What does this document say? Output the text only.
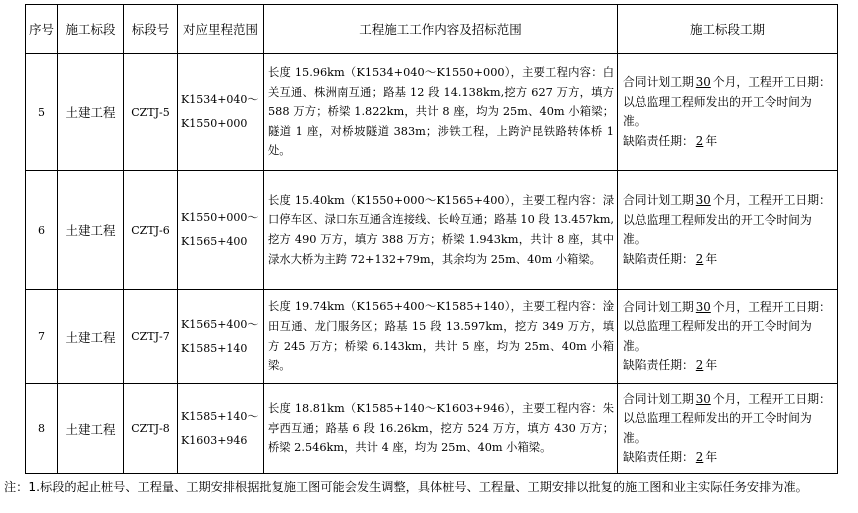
序号	施工标段	标段号	对应里程范围	工程施工工作内容及招标范围	施工标段工期
5	土建工程	CZTJ-5	K1534+040～
K1550+000	长度 15.96km（K1534+040～K1550+000），主要工程内容：白关互通、株洲南互通；路基 12 段 14.138km,挖方 627 万方，填方 588 万方；桥梁 1.822km，共计 8 座，均为 25m、40m 小箱梁；隧道 1 座，对桥坡隧道 383m；涉铁工程，上跨沪昆铁路转体桥 1 处。	合同计划工期 30 个月，工程开工日期：以总监理工程师发出的开工令时间为准。
缺陷责任期： 2 年
6	土建工程	CZTJ-6	K1550+000～
K1565+400	长度 15.40km（K1550+000～K1565+400），主要工程内容：渌口停车区、渌口东互通含连接线、长岭互通；路基 10 段 13.457km,挖方 490 万方，填方 388 万方；桥梁 1.943km，共计 8 座，其中渌水大桥为主跨 72+132+79m，其余均为 25m、40m 小箱梁。	合同计划工期 30 个月，工程开工日期：以总监理工程师发出的开工令时间为准。
缺陷责任期： 2 年
7	土建工程	CZTJ-7	K1565+400～
K1585+140	长度 19.74km（K1565+400～K1585+140），主要工程内容：淦田互通、龙门服务区；路基 15 段 13.597km，挖方 349 万方，填方 245 万方；桥梁 6.143km，共计 5 座，均为 25m、40m 小箱梁。	合同计划工期 30 个月，工程开工日期：以总监理工程师发出的开工令时间为准。
缺陷责任期： 2 年
8	土建工程	CZTJ-8	K1585+140～
K1603+946	长度 18.81km（K1585+140～K1603+946），主要工程内容：朱亭西互通；路基 6 段 16.26km，挖方 524 万方，填方 430 万方；桥梁 2.546km，共计 4 座，均为 25m、40m 小箱梁。	合同计划工期 30 个月，工程开工日期：以总监理工程师发出的开工令时间为准。
缺陷责任期： 2 年
注：1.标段的起止桩号、工程量、工期安排根据批复施工图可能会发生调整，具体桩号、工程量、工期安排以批复的施工图和业主实际任务安排为准。
